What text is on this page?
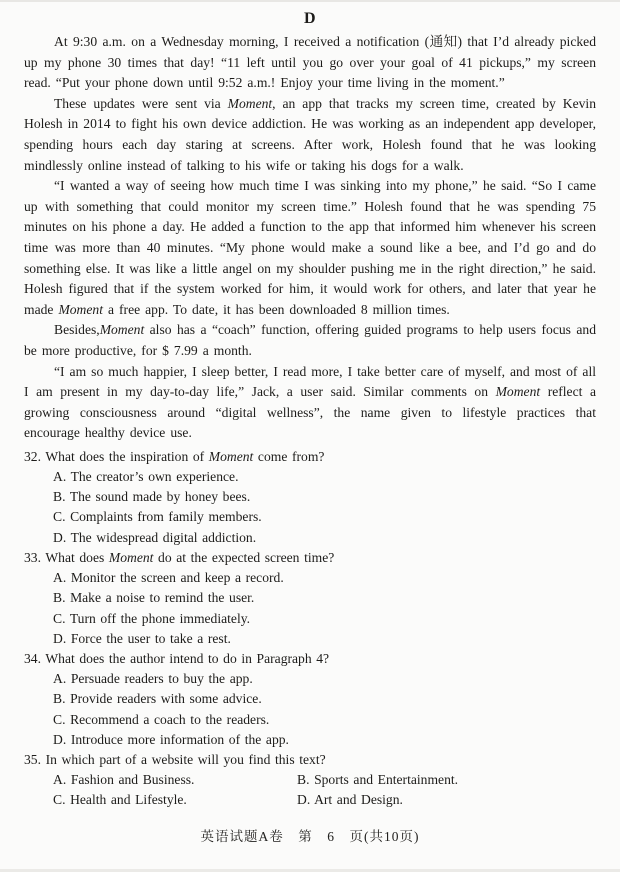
D

At 9:30 a.m. on a Wednesday morning, I received a notification (通知) that I’d already picked up my phone 30 times that day! “11 left until you go over your goal of 41 pickups,” my screen read. “Put your phone down until 9:52 a.m.! Enjoy your time living in the moment.”

These updates were sent via Moment, an app that tracks my screen time, created by Kevin Holesh in 2014 to fight his own device addiction. He was working as an independent app developer, spending hours each day staring at screens. After work, Holesh found that he was looking mindlessly online instead of talking to his wife or taking his dogs for a walk.

“I wanted a way of seeing how much time I was sinking into my phone,” he said. “So I came up with something that could monitor my screen time.” Holesh found that he was spending 75 minutes on his phone a day. He added a function to the app that informed him whenever his screen time was more than 40 minutes. “My phone would make a sound like a bee, and I’d go and do something else. It was like a little angel on my shoulder pushing me in the right direction,” he said. Holesh figured that if the system worked for him, it would work for others, and later that year he made Moment a free app. To date, it has been downloaded 8 million times.

Besides,Moment also has a “coach” function, offering guided programs to help users focus and be more productive, for $ 7.99 a month.

“I am so much happier, I sleep better, I read more, I take better care of myself, and most of all I am present in my day-to-day life,” Jack, a user said. Similar comments on Moment reflect a growing consciousness around “digital wellness”, the name given to lifestyle practices that encourage healthy device use.

32. What does the inspiration of Moment come from?
A. The creator’s own experience.
B. The sound made by honey bees.
C. Complaints from family members.
D. The widespread digital addiction.
33. What does Moment do at the expected screen time?
A. Monitor the screen and keep a record.
B. Make a noise to remind the user.
C. Turn off the phone immediately.
D. Force the user to take a rest.
34. What does the author intend to do in Paragraph 4?
A. Persuade readers to buy the app.
B. Provide readers with some advice.
C. Recommend a coach to the readers.
D. Introduce more information of the app.
35. In which part of a website will you find this text?
A. Fashion and Business.	B. Sports and Entertainment.
C. Health and Lifestyle.	D. Art and Design.
英语试题A卷　第　6　页(共10页)
